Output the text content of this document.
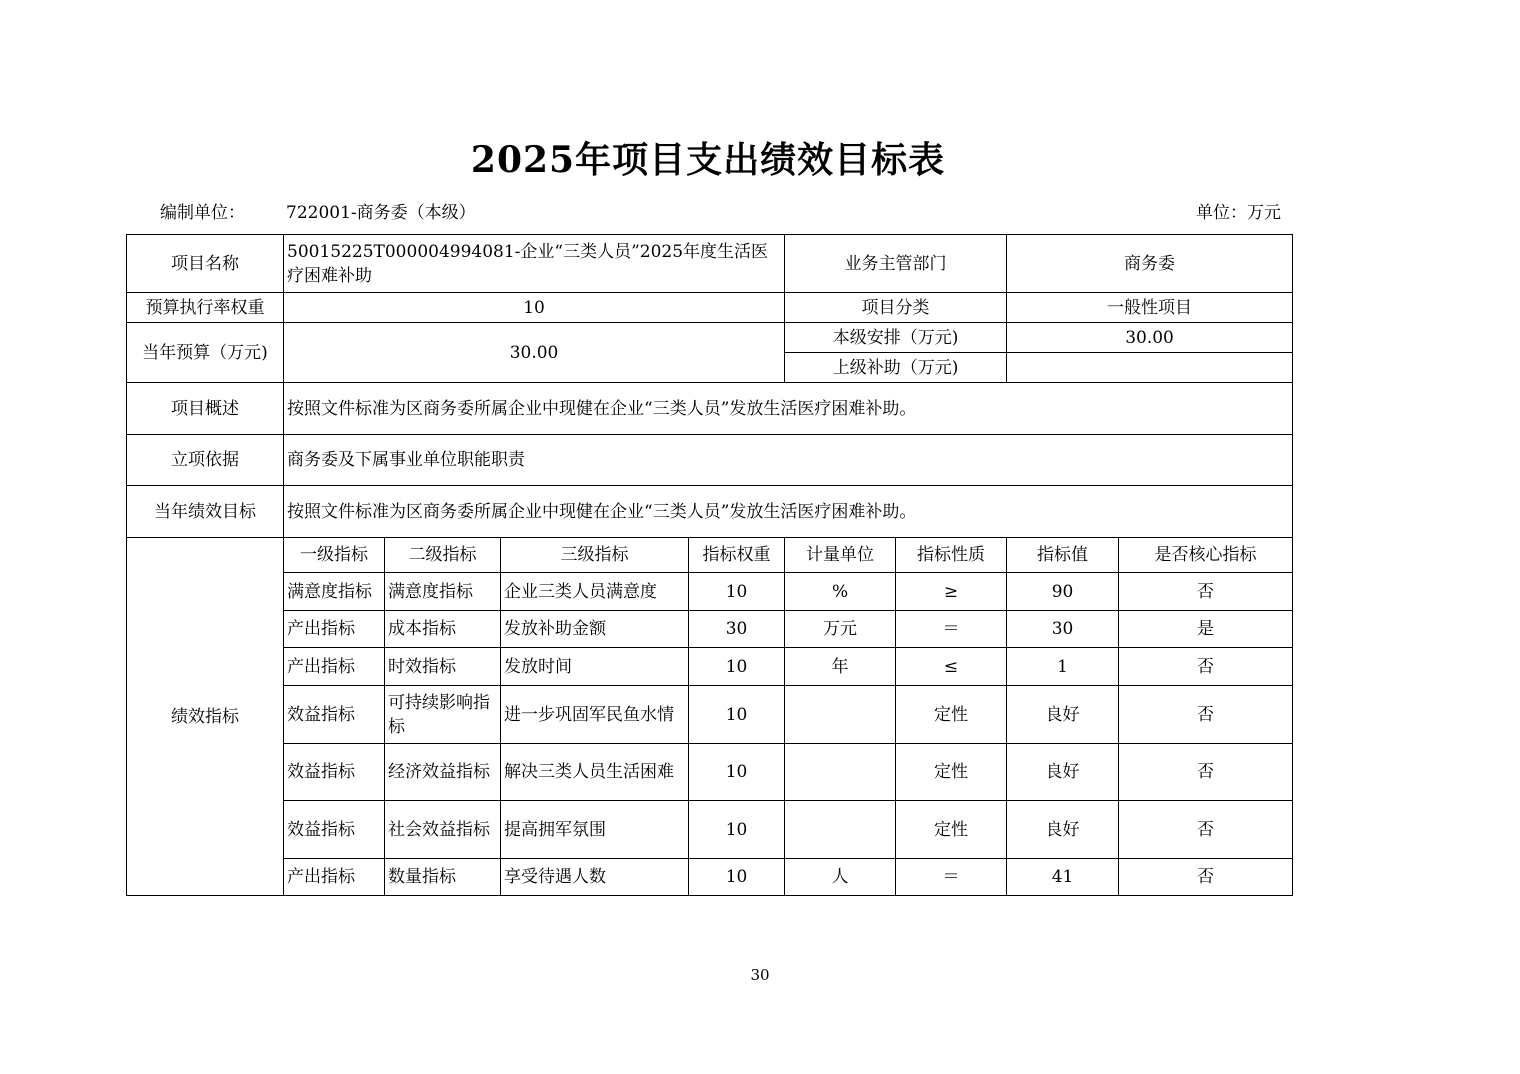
2025年项目支出绩效目标表
编制单位： 722001-商务委（本级）	单位：万元
项目名称	50015225T000004994081-企业“三类人员”2025年度生活医疗困难补助				业务主管部门		商务委	
预算执行率权重	10				项目分类		一般性项目	
当年预算（万元)	30.00				本级安排（万元)		30.00	
					上级补助（万元)			
项目概述	按照文件标准为区商务委所属企业中现健在企业“三类人员”发放生活医疗困难补助。							
立项依据	商务委及下属事业单位职能职责							
当年绩效目标	按照文件标准为区商务委所属企业中现健在企业“三类人员”发放生活医疗困难补助。							
绩效指标	一级指标	二级指标	三级指标	指标权重	计量单位	指标性质	指标值	是否核心指标
	满意度指标	满意度指标	企业三类人员满意度	10	%	≥	90	否
	产出指标	成本指标	发放补助金额	30	万元	＝	30	是
	产出指标	时效指标	发放时间	10	年	≤	1	否
	效益指标	可持续影响指标	进一步巩固军民鱼水情	10		定性	良好	否
	效益指标	经济效益指标	解决三类人员生活困难	10		定性	良好	否
	效益指标	社会效益指标	提高拥军氛围	10		定性	良好	否
	产出指标	数量指标	享受待遇人数	10	人	＝	41	否
30
